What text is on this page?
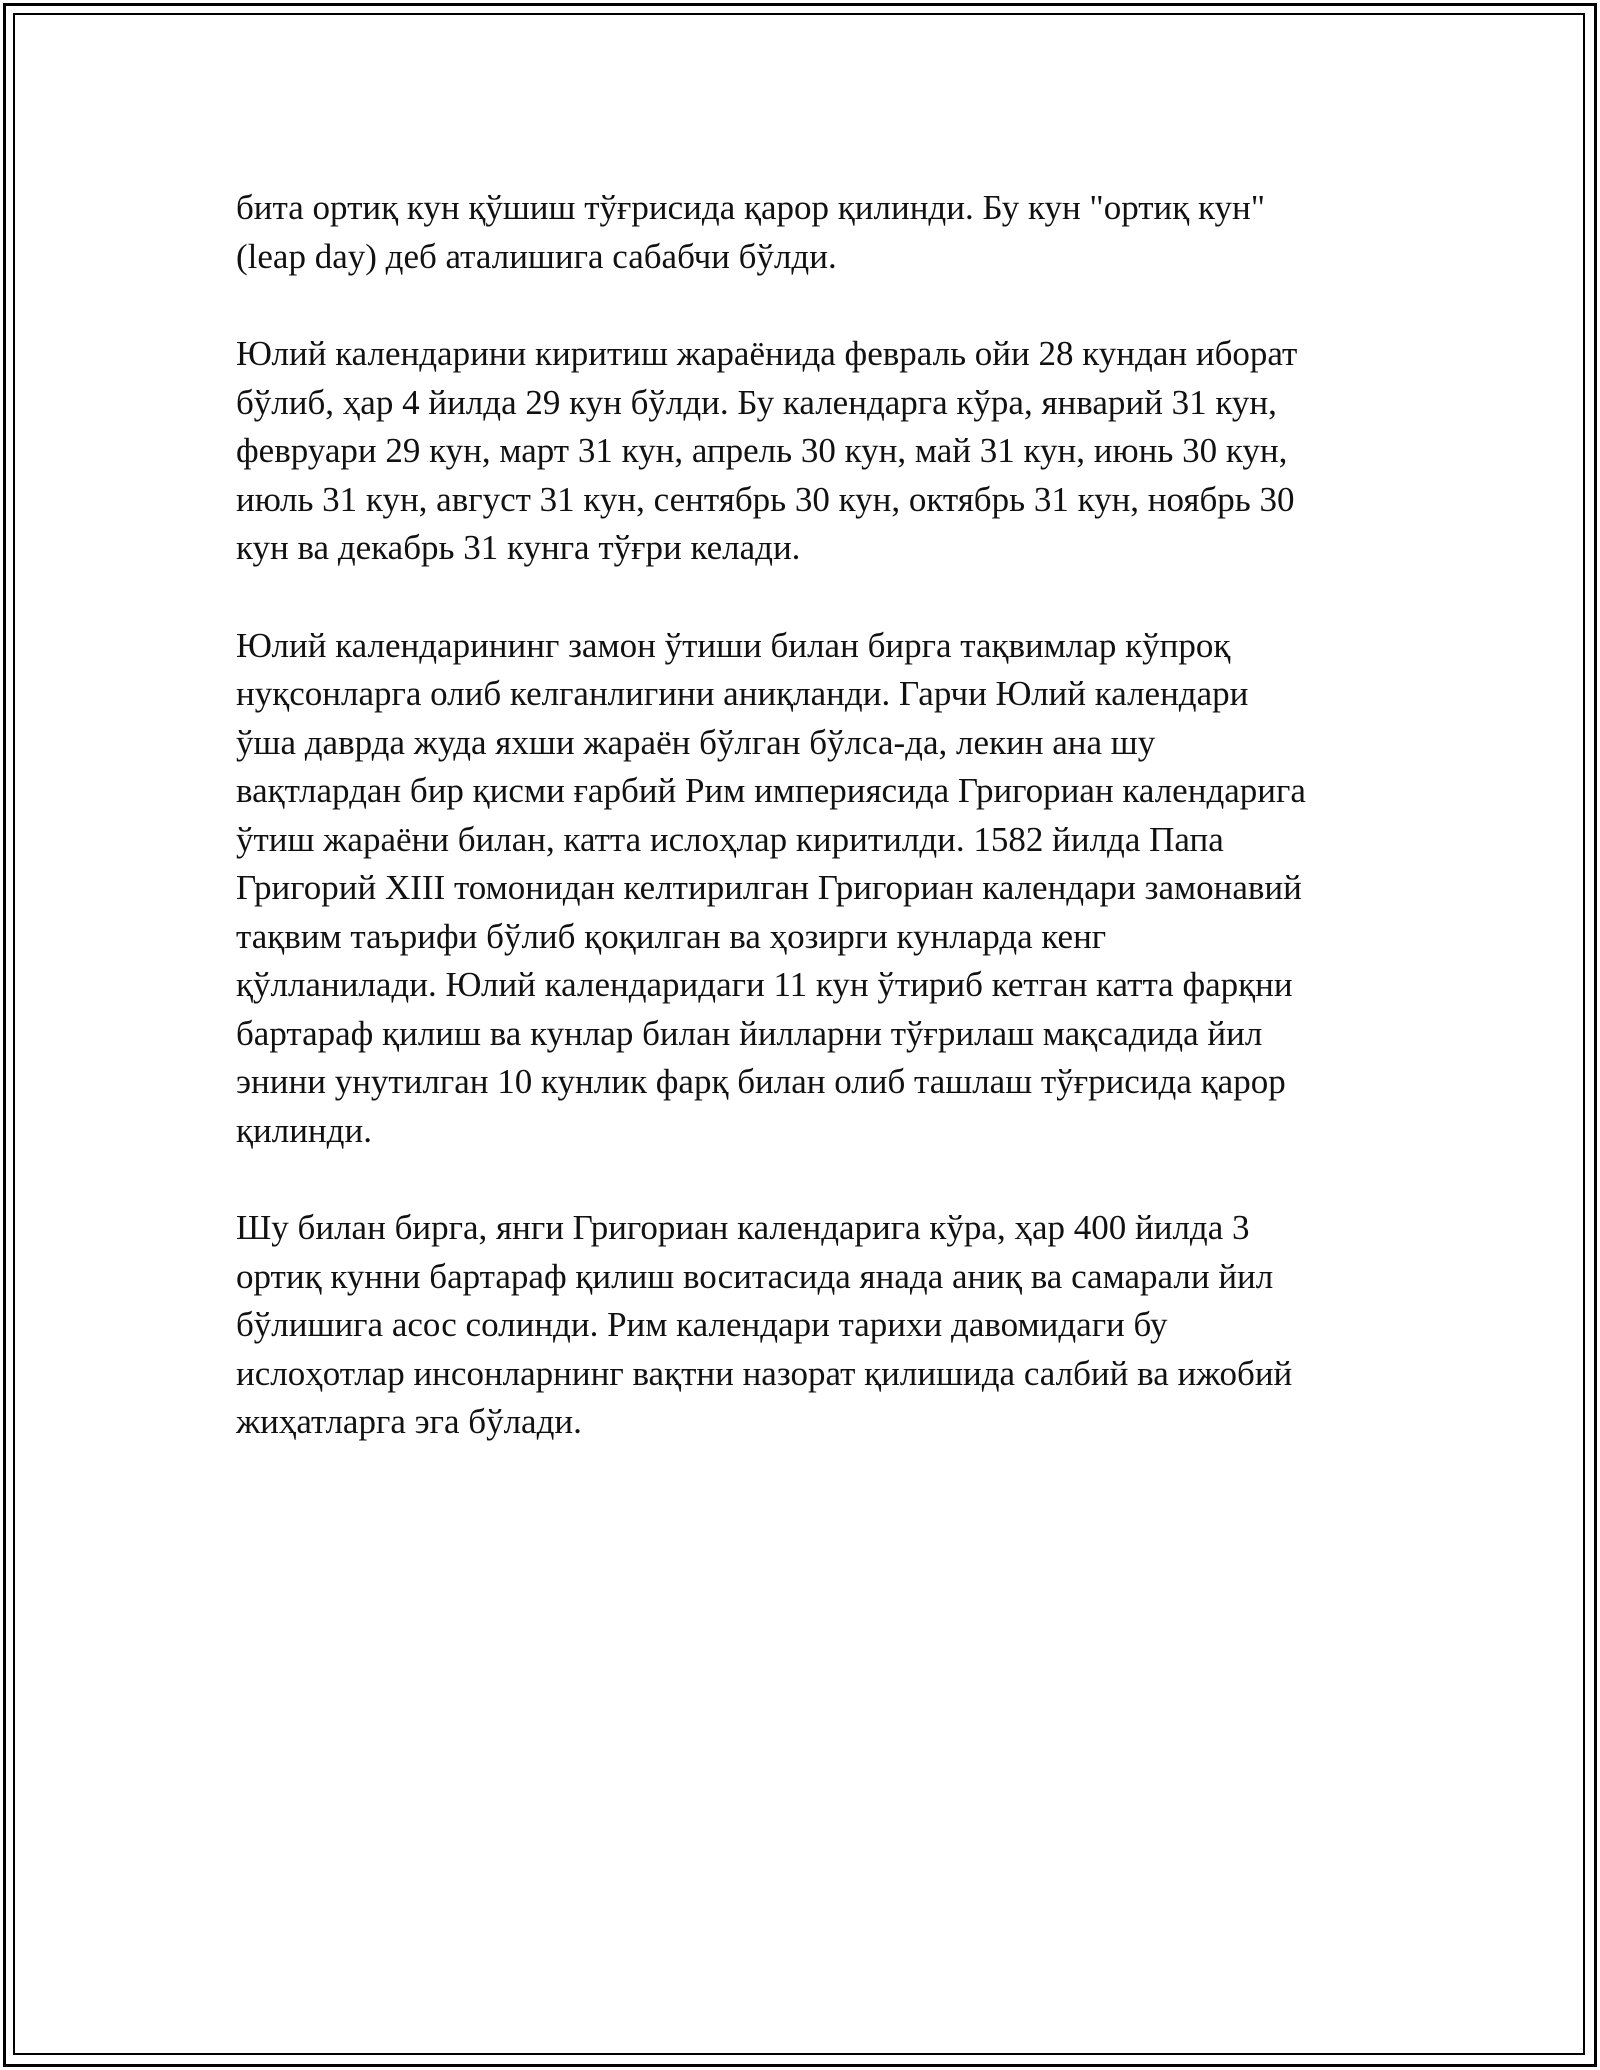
бита ортиқ кун қўшиш тўғрисида қарор қилинди. Бу кун "ортиқ кун"
(leap day) деб аталишига сабабчи бўлди.

Юлий календарини киритиш жараёнида февраль ойи 28 кундан иборат
бўлиб, ҳар 4 йилда 29 кун бўлди. Бу календарга кўра, январий 31 кун,
февруари 29 кун, март 31 кун, апрель 30 кун, май 31 кун, июнь 30 кун,
июль 31 кун, август 31 кун, сентябрь 30 кун, октябрь 31 кун, ноябрь 30
кун ва декабрь 31 кунга тўғри келади.

Юлий календарининг замон ўтиши билан бирга тақвимлар кўпроқ
нуқсонларга олиб келганлигини аниқланди. Гарчи Юлий календари
ўша даврда жуда яхши жараён бўлган бўлса-да, лекин ана шу
вақтлардан бир қисми ғарбий Рим империясида Григориан календарига
ўтиш жараёни билан, катта ислоҳлар киритилди. 1582 йилда Папа
Григорий XIII томонидан келтирилган Григориан календари замонавий
тақвим таърифи бўлиб қоқилган ва ҳозирги кунларда кенг
қўлланилади. Юлий календаридаги 11 кун ўтириб кетган катта фарқни
бартараф қилиш ва кунлар билан йилларни тўғрилаш мақсадида йил
энини унутилган 10 кунлик фарқ билан олиб ташлаш тўғрисида қарор
қилинди.

Шу билан бирга, янги Григориан календарига кўра, ҳар 400 йилда 3
ортиқ кунни бартараф қилиш воситасида янада аниқ ва самарали йил
бўлишига асос солинди. Рим календари тарихи давомидаги бу
ислоҳотлар инсонларнинг вақтни назорат қилишида салбий ва ижобий
жиҳатларга эга бўлади.
